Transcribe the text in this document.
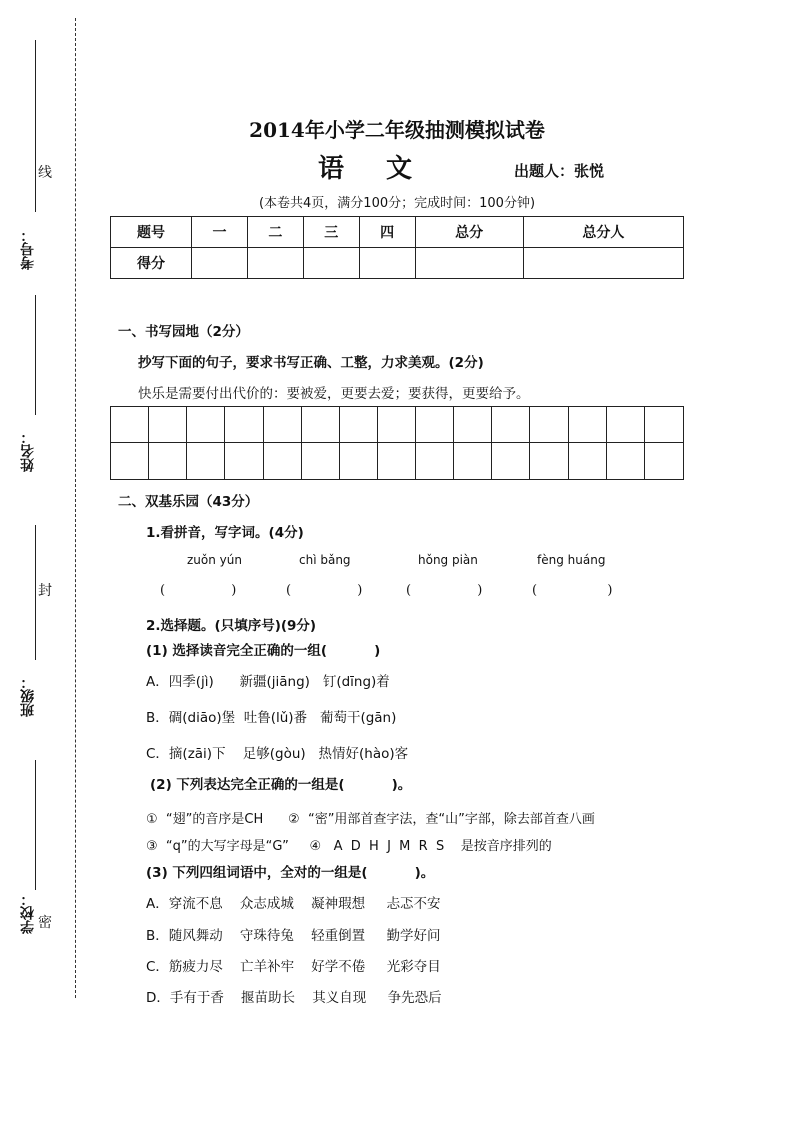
考号：
姓名：
班级：
学校：
线
封
密
2014年小学二年级抽测模拟试卷
语文	出题人：张悦
(本卷共4页，满分100分；完成时间：100分钟)
题号	一	二	三	四	总分	总分人
得分						
一、书写园地（2分）
抄写下面的句子，要求书写正确、工整，力求美观。(2分)
快乐是需要付出代价的：要被爱，更要去爱；要获得，更要给予。
二、双基乐园（43分）
1.看拼音，写字词。(4分)
zuǒn yún	chì bǎng	hǒng piàn	fèng huáng
(                )	(                )	(                )	(                 )
2.选择题。(只填序号)(9分)
(1) 选择读音完全正确的一组(          )
A．四季(jì)      新疆(jiāng)   钉(dīng)着
B．碉(diāo)堡  吐鲁(lǔ)番   葡萄干(gān)
C．摘(zāi)下    足够(gòu)   热情好(hào)客
(2) 下列表达完全正确的一组是(          )。
①  “翅”的音序是CH      ②  “密”用部首查字法，查“山”字部，除去部首查八画
③  “q”的大写字母是“G”     ④   A  D  H  J  M  R  S    是按音序排列的
(3) 下列四组词语中，全对的一组是(          )。
A．穿流不息    众志成城    凝神瑕想     忐忑不安
B．随风舞动    守珠待兔    轻重倒置     勤学好问
C．筋疲力尽    亡羊补牢    好学不倦     光彩夺目
D．手有于香    揠苗助长    其义自现     争先恐后
